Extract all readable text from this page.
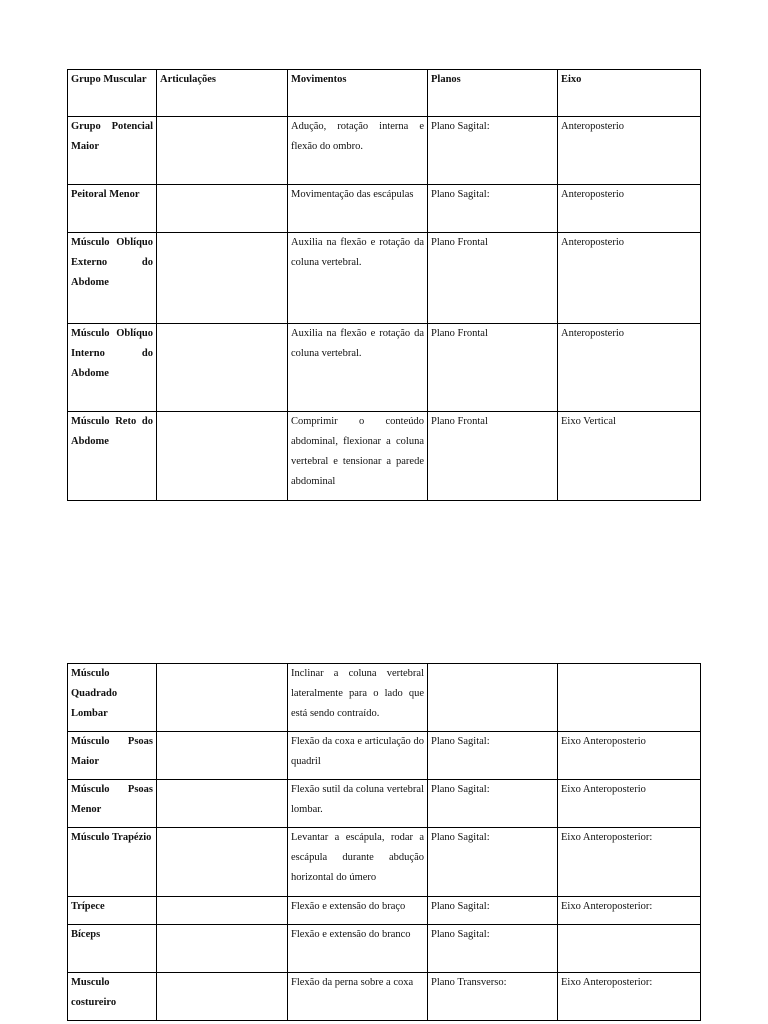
Grupo Muscular	Articulações	Movimentos	Planos	Eixo
Grupo Potencial Maior		Adução, rotação interna e flexão do ombro.	Plano Sagital:	Anteroposterio
Peitoral Menor		Movimentação das escápulas	Plano Sagital:	Anteroposterio
Músculo Oblíquo Externo do Abdome		Auxilia na flexão e rotação da coluna vertebral.	Plano Frontal	Anteroposterio
Músculo Oblíquo Interno do Abdome		Auxilia na flexão e rotação da coluna vertebral.	Plano Frontal	Anteroposterio
Músculo Reto do Abdome		Comprimir o conteúdo abdominal, flexionar a coluna vertebral e tensionar a parede abdominal	Plano Frontal	Eixo Vertical
Músculo Quadrado Lombar		Inclinar a coluna vertebral lateralmente para o lado que está sendo contraído.		
Músculo Psoas Maior		Flexão da coxa e articulação do quadril	Plano Sagital:	Eixo Anteroposterio
Músculo Psoas Menor		Flexão sutil da coluna vertebral lombar.	Plano Sagital:	Eixo Anteroposterio
Músculo Trapézio		Levantar a escápula, rodar a escápula durante abdução horizontal do úmero	Plano Sagital:	Eixo Anteroposterior:
Trípece		Flexão e extensão do braço	Plano Sagital:	Eixo Anteroposterior:
Bíceps		Flexão e extensão do branco	Plano Sagital:	
Musculo costureiro		Flexão da perna sobre a coxa	Plano Transverso:	Eixo Anteroposterior:
